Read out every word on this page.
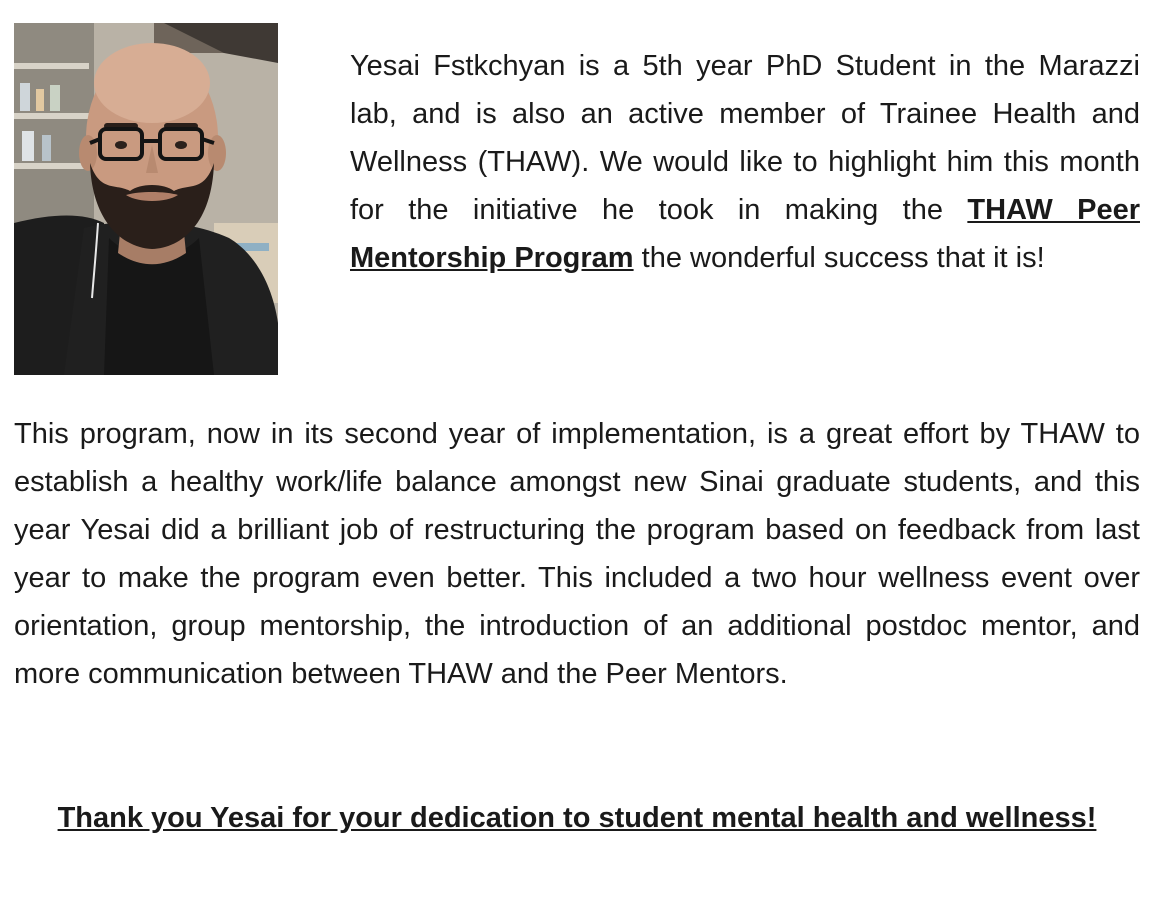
Yesai Fstkchyan is a 5th year PhD Student in the Marazzi lab, and is also an active member of Trainee Health and Wellness (THAW). We would like to highlight him this month for the initiative he took in making the THAW Peer Mentorship Program the wonderful success that it is!

This program, now in its second year of implementation, is a great effort by THAW to establish a healthy work/life balance amongst new Sinai graduate students, and this year Yesai did a brilliant job of restructuring the program based on feedback from last year to make the program even better. This included a two hour wellness event over orientation, group mentorship, the introduction of an additional postdoc mentor, and more communication between THAW and the Peer Mentors.

Thank you Yesai for your dedication to student mental health and wellness!
